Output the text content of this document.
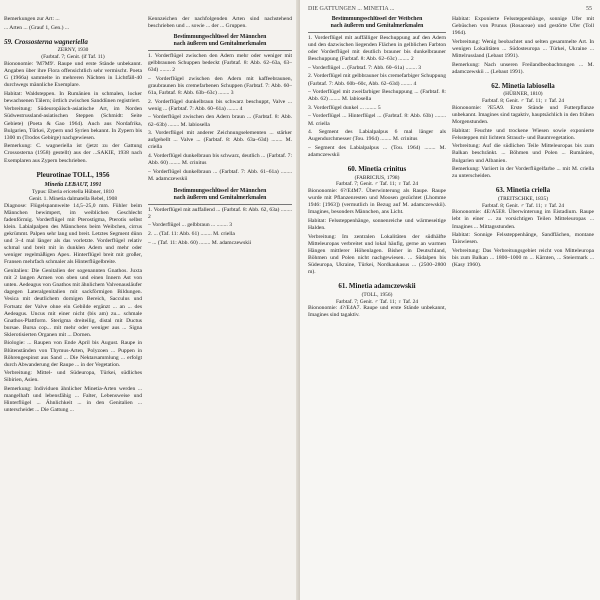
Bemerkungen zur Art: ...

... Arten ... (Grauf 1, Gen.) ...

59. Crossosterna wagneriella
ZERNY, 1930
(Farbtaf. 7; Genit. (if Taf. 11)

Biononomie: 'M7M9'. Raupe und erste Stände unbekannt. Angaben über ihre Flora offensichtlich sehr vermischt. Poeta G (1966a) sammelte in mehreren Nächten in Lichtfäll-40 durchwegs männliche Exemplare.

Habitat: Waldsteppen. In Rumänien in schmalen, locker bewachsenen Tälern; örtlich zwischen Sanddünen registriert.

Verbreitung: Südeuropäisch-asiatische Art, im Norden Südwestrussland-asiatischen Steppen (Schmidt: Seite Gebiete) (Poeta & Gao 1964). Auch aus Nordafrika, Bulgarien, Türkei, Zypern und Syrien bekannt. In Zypern bis 1300 m (Trodos Gebirge) nachgewiesen.

Bemerkung: C. wagneriella ist (jetzt zu der Gattung Crossosterna (1958) gestellt) aus der ...SAKIE, 1938 nach Exemplaren aus Zypern beschrieben.

Pleurotinae TOLL, 1956
Minetia LEBAUT, 1991
Typus: Eberia ericetella Hübner, 1810
Genit. 1. Minetia dalmatella Rebel, 1908

Diagnose: Flügelspannweite 14,5–25,0 mm. Fühler beim Männchen bewimpert, im weiblichen Geschlecht fadenförmig. Vorderflügel mit Pterostigma, Pterotis selbst klein. Labialpalpen des Männchens beim Weibchen, cirrus gekrümmt. Palpen sehr lang und breit. Letztes Segment dünn und 3–4 mal länger als das vorletzte. Vorderflügel relativ schmal und breit mit in dunklen Adern und mehr oder weniger regelmäßigen Apex. Hinterflügel breit mit großer, Fransen mehrfach schmaler als Hinterflügelbreite.

Genitalien: Die Genitalien der sogenannten Gnathos. Juxta mit 2 langen Armen von oben und einen Innern Ast von unten. Aedeagus von Gnathos mit ähnlichem Valvenausläufer dagegen Lateralgenitalien mit sackförmigen Bildungen. Vesica mit deutlichem dornigen Bereich, Sacculus und Fortsatz der Valve ohne ein Gebilde ergänzt ... an ... des Aedeagus. Uncus mit einer nicht (bis am) zu... schmale Gnathos-Plattform. Sterigma dreiteilig, distal mit Ductus bursae. Bursa cop... mit mehr oder weniger aus ... Signa Sklerotisierten Organen mit ... Dornen.

Biologie: ... Raupen von Ende April bis August. Raupe in Blütenständen von Thymus-Arten, Polyzoen ... Puppen in Röhrengespinst aus Sand ... Die Nektarsammlung ... erfolgt durch Abwanderung der Raupe ... in der Vegetation.

Verbreitung: Mittel- und Südeuropa, Türkei, südliches Sibirien, Asien.

Bemerkung: Individuen ähnlicher Minetia-Arten werden ... mangelhaft und lebensfähig ... Falter, Lebensweise und Hinterflügel ... Ähnlichkeit ... in den Genitalien ... unterscheidet ... Die Gattung ...

Kennzeichen der nachfolgenden Arten sind nachstehend beschrieben und ... sowie ... der ... Gruppen.

Bestimmungsschlüssel der Männchen
nach äußeren und Genitalmerkmalen

1. Vorderflügel zwischen den Adern mehr oder weniger mit gelbbraunen Schuppen bedeckt (Farbtaf. 8: Abb. 62–63a, 63–63d) ........ 2

– Vorderflügel zwischen den Adern mit kaffeebraunen, graubraunen bis cremefarbenen Schuppen (Farbtaf. 7: Abb. 60–61a, Farbtaf. 8: Abb. 63b–63c) ........ 3

2. Vorderflügel dunkelbraun bis schwarz beschuppt, Valve ... wenig ... (Farbtaf. 7: Abb. 60–61a) ........ 4

– Vorderflügel zwischen den Adern braun ... (Farbtaf. 8: Abb. 62–63b) ........ M. labiosella

3. Vorderflügel mit anderer Zeichnungselementen ... stärker aufgehellt ... Valve ... (Farbtaf. 8: Abb. 63a–63d) ........ M. criella

4. Vorderflügel dunkelbraun bis schwarz, deutlich ... (Farbtaf. 7: Abb. 60) ........ M. crinitus

– Vorderflügel dunkelbraun ... (Farbtaf. 7: Abb. 61–61a) ........ M. adamczewskii

Bestimmungsschlüssel der Männchen
nach äußeren und Genitalmerkmalen

1. Vorderflügel mit auffallend ... (Farbtaf. 8: Abb. 62, 63a) ........ 2

– Vorderflügel ... gelbbraun ... ........ 3

2. ... (Taf. 11: Abb. 61) ........ M. criella

– ... (Taf. 11: Abb. 60) ........ M. adamczewskii

DIE GATTUNGEN ... MINETIA ...	55
Bestimmungsschlüssel der Weibchen
nach äußeren und Genitalmerkmalen

1. Vorderflügel mit auffälliger Beschuppung auf den Adern und den dazwischen liegenden Flächen in gelblichen Farbton oder Vorderflügel mit deutlich brauner bis dunkelbrauner Beschuppung (Farbtaf. 8: Abb. 62–63c) ........ 2

– Vorderflügel ... (Farbtaf. 7: Abb. 60–61a) ........ 3

2. Vorderflügel mit gelbbrauner bis cremefarbiger Schuppung (Farbtaf. 7: Abb. 60b–60c, Abb. 62–63d) ........ 4

– Vorderflügel mit zweifarbiger Beschuppung ... (Farbtaf. 8: Abb. 62) ........ M. labiosella

3. Vorderflügel dunkel ... ........ 5

– Vorderflügel ... Hinterflügel ... (Farbtaf. 8: Abb. 63b) ........ M. criella

4. Segment des Labialpalpus 6 mal länger als Augendurchmesser (Tou. 1964) ........ M. crinitus

– Segment des Labialpalpus ... (Tou. 1964) ........ M. adamczewskii

60. Minetia crinitus
(FABRICIUS, 1798)
Farbtaf. 7; Genit. ♂ Taf. 11; ♀ Taf. 24

Biononomie: 6?/E4M7. Überwinterung als Raupe. Raupe wurde mit Pflanzenresten und Moosen gezüchtet (Lhomme 1946: [1963]) (vermutlich in Bezug auf M. adamczewskii). Imagines, besonders Männchen, ans Licht.

Habitat: Felssteppenhänge, sonnenreiche und wärmeseitige Halden.

Verbreitung: Im zentralen Lokalitäten der südhälfte Mitteleuropas verbreitet und lokal häufig, gerne an warmen Hängen mittlerer Höhenlagen. Bisher in Deutschland, Böhmen und Polen nicht nachgewiesen. ... Südalpen bis Südeuropa, Ukraine, Türkei, Nordkaukasus ... (2500–2800 m).

61. Minetia adamczewskii
(TOLL, 1956)
Farbtaf. 7; Genit. ♂ Taf. 11; ♀ Taf. 24

Biononomie: 4?/E4A7. Raupe und erste Stände unbekannt, Imagines sind tagaktiv.

Habitat: Exponierte Felssteppenhänge, sonnige Ufer mit Gebüschen von Prunus (Rosaceae) und gestörte Ufer (Toll 1964).

Verbreitung: Wenig beobachtet und selten gesammelte Art. In wenigen Lokalitäten ... Südosteuropa ... Türkei, Ukraine ... Mittelrussland (Lebaut 1991).

Bemerkung: Nach unseren Freilandbeobachtungen ... M. adamczewskii ... (Lebaut 1991).

62. Minetia labiosella
(HÜBNER, 1810)
Farbtaf. 8; Genit. ♂ Taf. 11; ♀ Taf. 24

Biononomie: ?E5A9. Erste Stände und Futterpflanze unbekannt. Imagines sind tagaktiv, hauptsächlich in den frühen Morgenstunden.

Habitat: Feuchte und trockene Wiesen sowie exponierte Felssteppen mit lichtem Strauch- und Baumvegetation.

Verbreitung: Auf die südlichen Teile Mitteleuropas bis zum Balkan beschränkt. ... Böhmen und Polen ... Rumänien, Bulgarien und Albanien.

Bemerkung: Variiert in der Vorderflügelfarbe ... mit M. criella zu unterscheiden.

63. Minetia criella
(TREITSCHKE, 1835)
Farbtaf. 8; Genit. ♂ Taf. 11; ♀ Taf. 24

Biononomie: 4E/A5E8. Überwinterung im Eistadium. Raupe lebt in einer ... zu vorsichtigen Teilen Mitteleuropas ... Imagines ... Mittagsstunden.

Habitat: Sonnige Felssteppenhänge, Sandflächen, montane Taiswiesen.

Verbreitung: Das Verbreitungsgebiet reicht von Mitteleuropa bis zum Balkan ... 1800–1000 m ... Kärnten, ... Steiermark ... (Kasy 1960).
